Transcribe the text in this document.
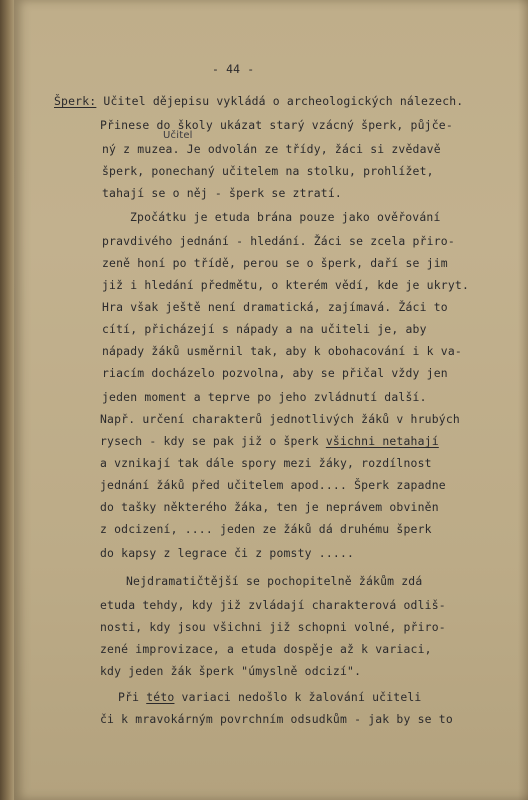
- 44 -
Šperk: Učitel dějepisu vykládá o archeologických nálezech.
Učitel
Přinese do školy ukázat starý vzácný šperk, půjče-
ný z muzea. Je odvolán ze třídy, žáci si zvědavě
šperk, ponechaný učitelem na stolku, prohlížet,
tahají se o něj - šperk se ztratí.
Zpočátku je etuda brána pouze jako ověřování
pravdivého jednání - hledání. Žáci se zcela přiro-
zeně honí po třídě, perou se o šperk, daří se jim
již i hledání předmětu, o kterém vědí, kde je ukryt.
Hra však ještě není dramatická, zajímavá. Žáci to
cítí, přicházejí s nápady a na učiteli je, aby
nápady žáků usměrnil tak, aby k obohacování i k va-
riacím docházelo pozvolna, aby se přičal vždy jen
jeden moment a teprve po jeho zvládnutí další.
Např. určení charakterů jednotlivých žáků v hrubých
rysech - kdy se pak již o šperk všichni netahají
a vznikají tak dále spory mezi žáky, rozdílnost
jednání žáků před učitelem apod.... Šperk zapadne
do tašky některého žáka, ten je neprávem obviněn
z odcizení, .... jeden ze žáků dá druhému šperk
do kapsy z legrace či z pomsty .....
Nejdramatičtější se pochopitelně žákům zdá
etuda tehdy, kdy již zvládají charakterová odliš-
nosti, kdy jsou všichni již schopni volné, přiro-
zené improvizace, a etuda dospěje až k variaci,
kdy jeden žák šperk "úmyslně odcizí".
Při této variaci nedošlo k žalování učiteli
či k mravokárným povrchním odsudkům - jak by se to
